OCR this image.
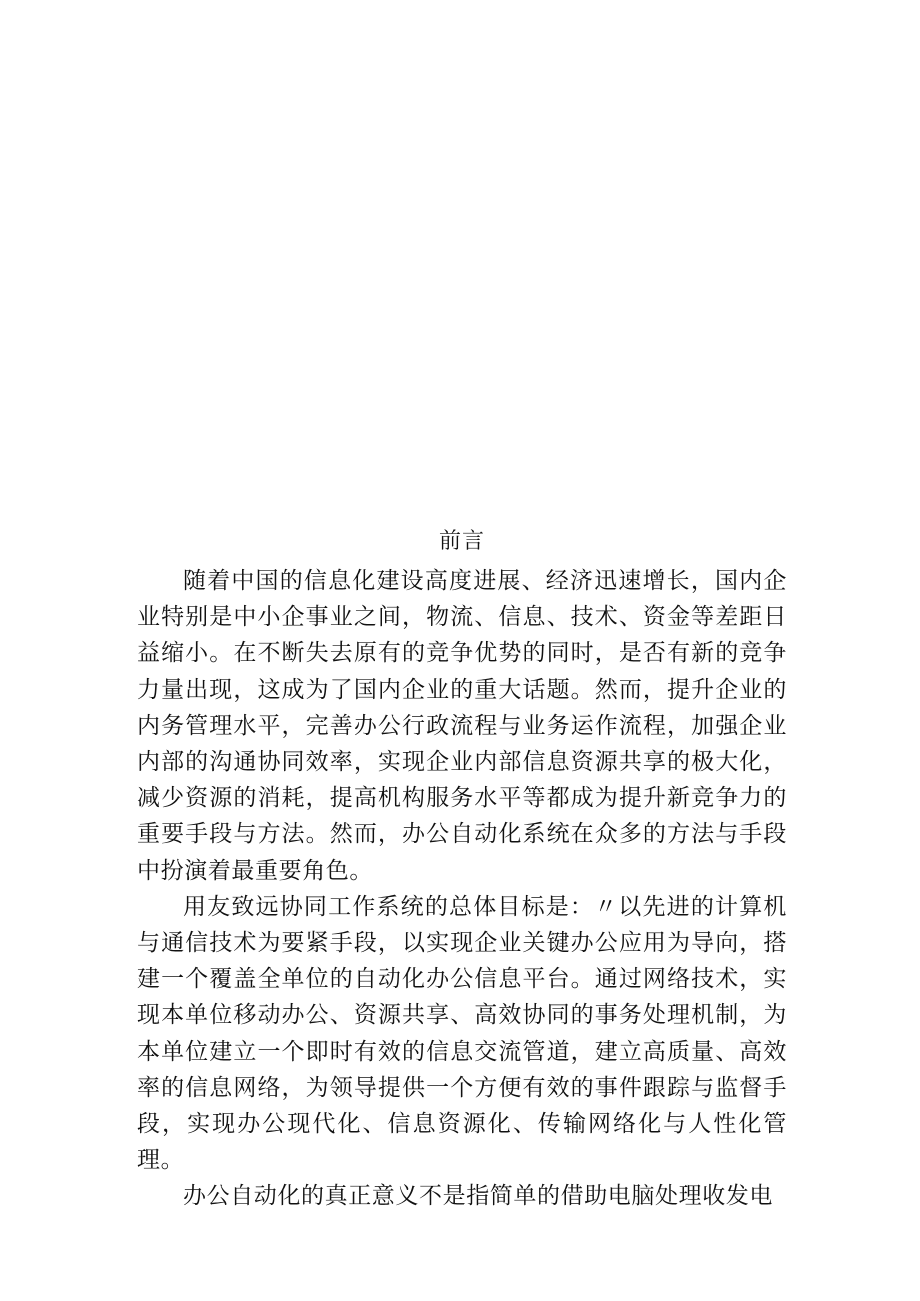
前言

随着中国的信息化建设高度进展、经济迅速增长，国内企业特别是中小企事业之间，物流、信息、技术、资金等差距日益缩小。在不断失去原有的竞争优势的同时，是否有新的竞争力量出现，这成为了国内企业的重大话题。然而，提升企业的内务管理水平，完善办公行政流程与业务运作流程，加强企业内部的沟通协同效率，实现企业内部信息资源共享的极大化，减少资源的消耗，提高机构服务水平等都成为提升新竞争力的重要手段与方法。然而，办公自动化系统在众多的方法与手段中扮演着最重要角色。

用友致远协同工作系统的总体目标是：〃以先进的计算机与通信技术为要紧手段，以实现企业关键办公应用为导向，搭建一个覆盖全单位的自动化办公信息平台。通过网络技术，实现本单位移动办公、资源共享、高效协同的事务处理机制，为本单位建立一个即时有效的信息交流管道，建立高质量、高效率的信息网络，为领导提供一个方便有效的事件跟踪与监督手段，实现办公现代化、信息资源化、传输网络化与人性化管理。

办公自动化的真正意义不是指简单的借助电脑处理收发电
